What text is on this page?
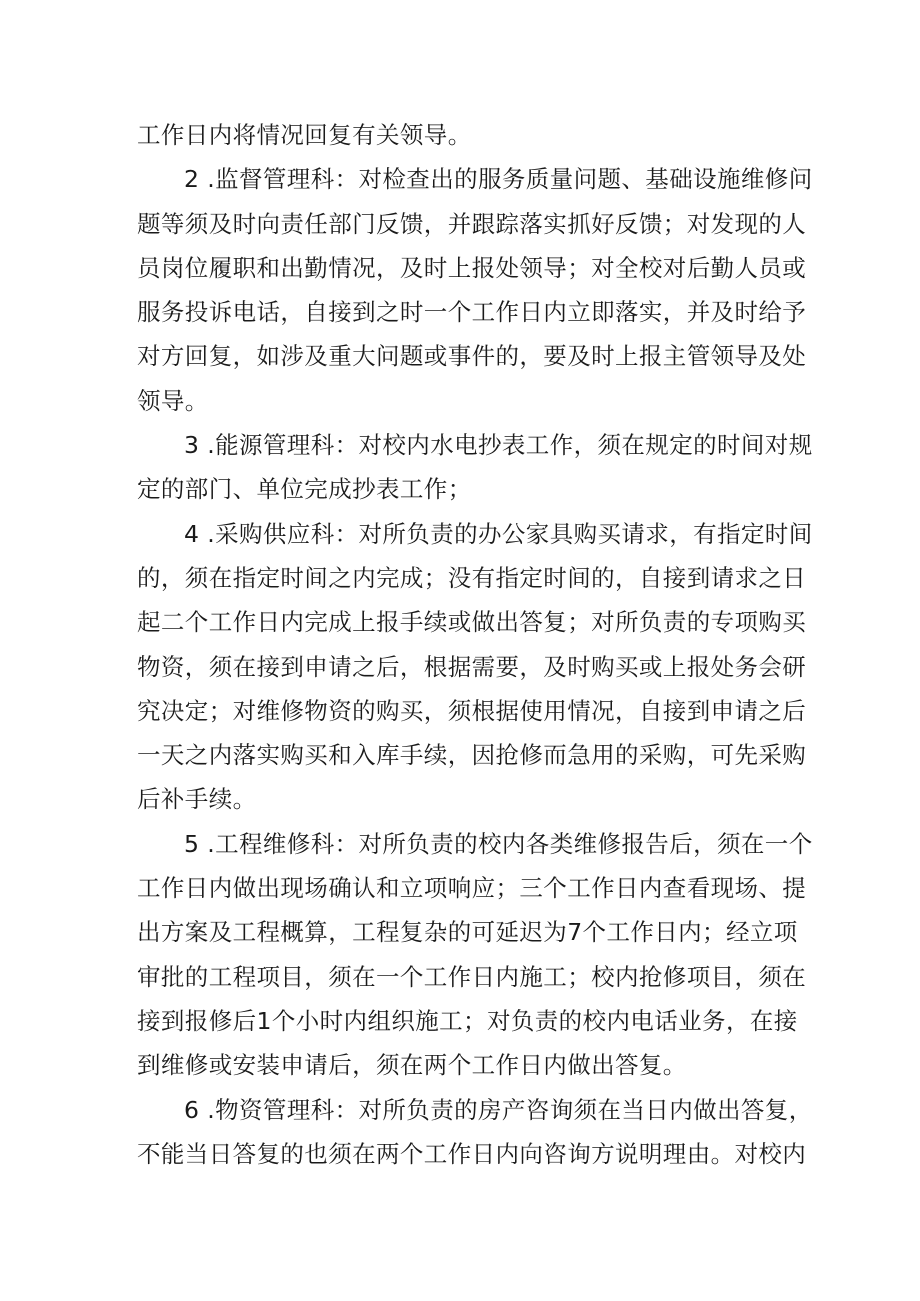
工作日内将情况回复有关领导。
2 .监督管理科：对检查出的服务质量问题、基础设施维修问
题等须及时向责任部门反馈，并跟踪落实抓好反馈；对发现的人
员岗位履职和出勤情况，及时上报处领导；对全校对后勤人员或
服务投诉电话，自接到之时一个工作日内立即落实，并及时给予
对方回复，如涉及重大问题或事件的，要及时上报主管领导及处
领导。
3 .能源管理科：对校内水电抄表工作，须在规定的时间对规
定的部门、单位完成抄表工作；
4 .采购供应科：对所负责的办公家具购买请求，有指定时间
的，须在指定时间之内完成；没有指定时间的，自接到请求之日
起二个工作日内完成上报手续或做出答复；对所负责的专项购买
物资，须在接到申请之后，根据需要，及时购买或上报处务会研
究决定；对维修物资的购买，须根据使用情况，自接到申请之后
一天之内落实购买和入库手续，因抢修而急用的采购，可先采购
后补手续。
5 .工程维修科：对所负责的校内各类维修报告后，须在一个
工作日内做出现场确认和立项响应；三个工作日内查看现场、提
出方案及工程概算，工程复杂的可延迟为7个工作日内；经立项
审批的工程项目，须在一个工作日内施工；校内抢修项目，须在
接到报修后1个小时内组织施工；对负责的校内电话业务，在接
到维修或安装申请后，须在两个工作日内做出答复。
6 .物资管理科：对所负责的房产咨询须在当日内做出答复，
不能当日答复的也须在两个工作日内向咨询方说明理由。对校内
